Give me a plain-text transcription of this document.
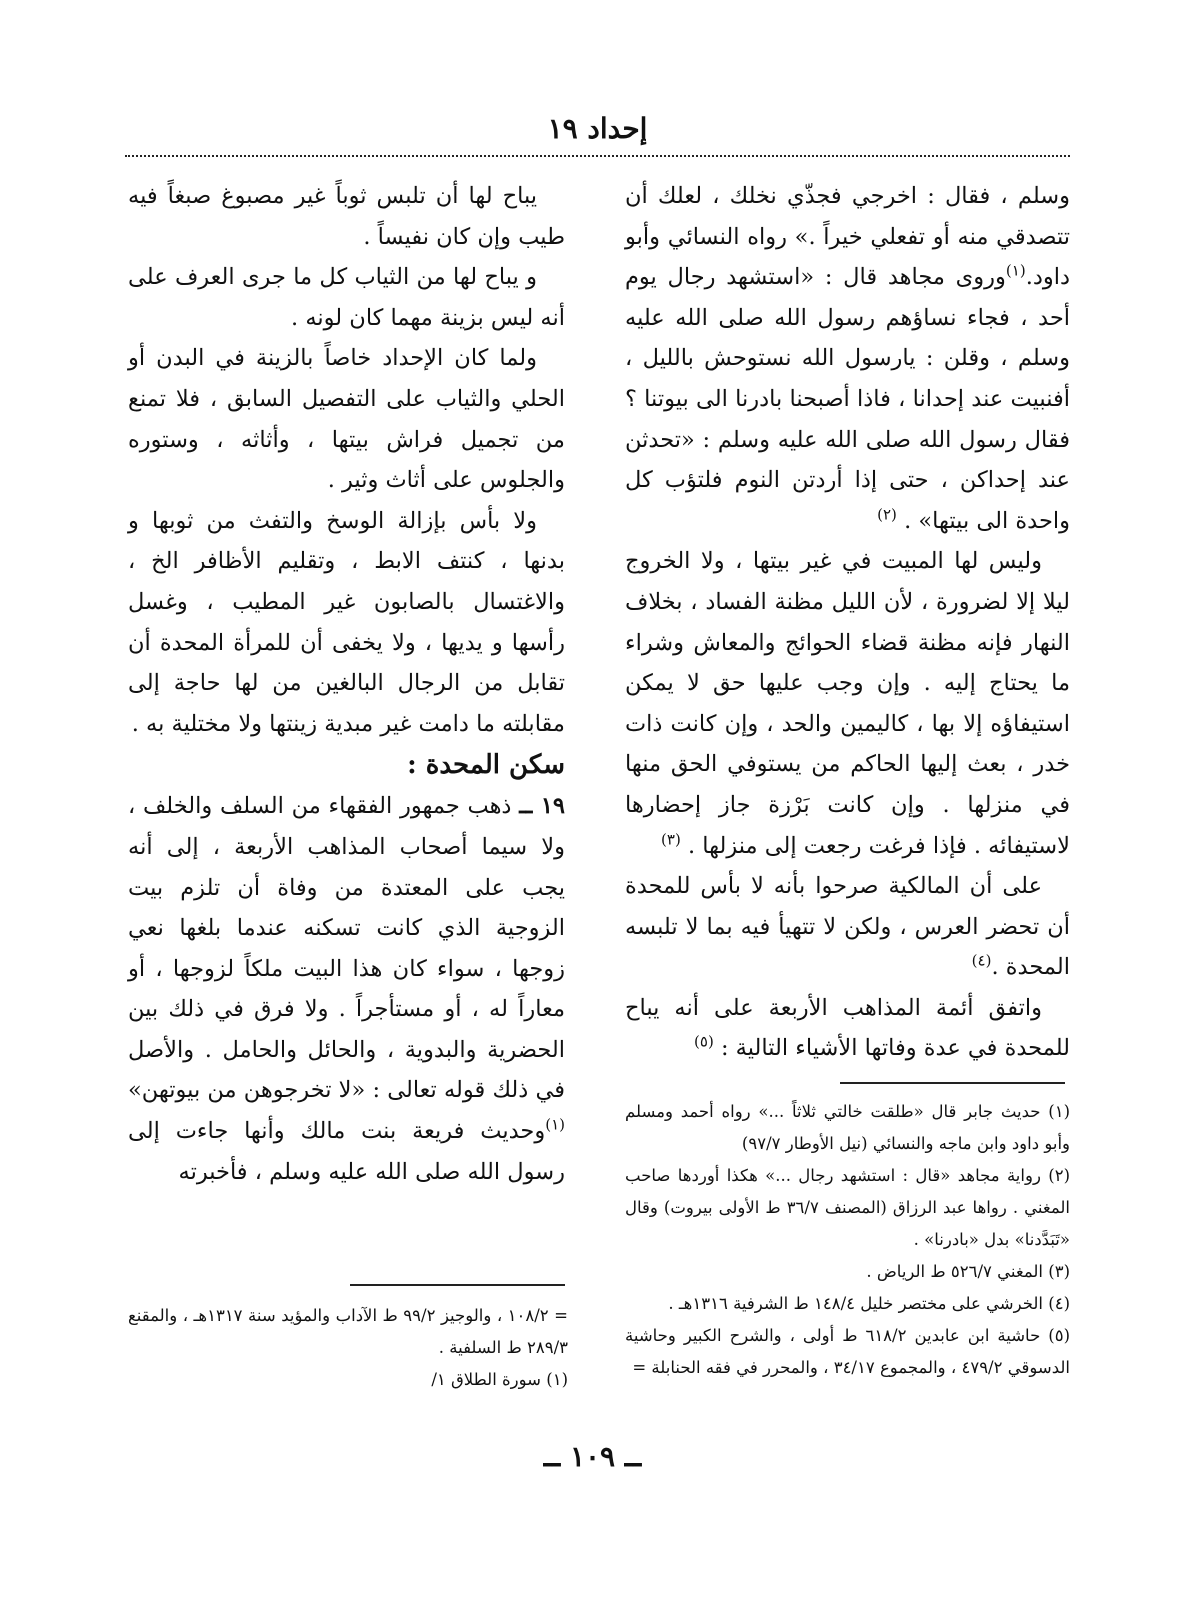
إحداد ١٩

وسلم ، فقال : اخرجي فجذّي نخلك ، لعلك أن تتصدقي منه أو تفعلي خيراً .» رواه النسائي وأبو داود.$^{(١)}$وروى مجاهد قال : «استشهد رجال يوم أحد ، فجاء نساؤهم رسول الله صلى الله عليه وسلم ، وقلن : يارسول الله نستوحش بالليل ، أفنبيت عند إحدانا ، فاذا أصبحنا بادرنا الى بيوتنا ؟ فقال رسول الله صلى الله عليه وسلم : «تحدثن عند إحداكن ، حتى إذا أردتن النوم فلتؤب كل واحدة الى بيتها» . $^{(٢)}$

وليس لها المبيت في غير بيتها ، ولا الخروج ليلا إلا لضرورة ، لأن الليل مظنة الفساد ، بخلاف النهار فإنه مظنة قضاء الحوائج والمعاش وشراء ما يحتاج إليه . وإن وجب عليها حق لا يمكن استيفاؤه إلا بها ، كاليمين والحد ، وإن كانت ذات خدر ، بعث إليها الحاكم من يستوفي الحق منها في منزلها . وإن كانت بَرْزة جاز إحضارها لاستيفائه . فإذا فرغت رجعت إلى منزلها . $^{(٣)}$

على أن المالكية صرحوا بأنه لا بأس للمحدة أن تحضر العرس ، ولكن لا تتهيأ فيه بما لا تلبسه المحدة .$^{(٤)}$

واتفق أئمة المذاهب الأربعة على أنه يباح للمحدة في عدة وفاتها الأشياء التالية : $^{(٥)}$

يباح لها أن تلبس ثوباً غير مصبوغ صبغاً فيه طيب وإن كان نفيساً .

و يباح لها من الثياب كل ما جرى العرف على أنه ليس بزينة مهما كان لونه .

ولما كان الإحداد خاصاً بالزينة في البدن أو الحلي والثياب على التفصيل السابق ، فلا تمنع من تجميل فراش بيتها ، وأثاثه ، وستوره والجلوس على أثاث وثير .

ولا بأس بإزالة الوسخ والتفث من ثوبها و بدنها ، كنتف الابط ، وتقليم الأظافر الخ ، والاغتسال بالصابون غير المطيب ، وغسل رأسها و يديها ، ولا يخفى أن للمرأة المحدة أن تقابل من الرجال البالغين من لها حاجة إلى مقابلته ما دامت غير مبدية زينتها ولا مختلية به .

سكن المحدة :

١٩ ــ ذهب جمهور الفقهاء من السلف والخلف ، ولا سيما أصحاب المذاهب الأربعة ، إلى أنه يجب على المعتدة من وفاة أن تلزم بيت الزوجية الذي كانت تسكنه عندما بلغها نعي زوجها ، سواء كان هذا البيت ملكاً لزوجها ، أو معاراً له ، أو مستأجراً . ولا فرق في ذلك بين الحضرية والبدوية ، والحائل والحامل . والأصل في ذلك قوله تعالى : «لا تخرجوهن من بيوتهن» $^{(١)}$وحديث فريعة بنت مالك وأنها جاءت إلى رسول الله صلى الله عليه وسلم ، فأخبرته

(١) حديث جابر قال «طلقت خالتي ثلاثاً ...» رواه أحمد ومسلم وأبو داود وابن ماجه والنسائي (نيل الأوطار ٩٧/٧)

(٢) رواية مجاهد «قال : استشهد رجال ...» هكذا أوردها صاحب المغني . رواها عبد الرزاق (المصنف ٣٦/٧ ط الأولى بيروت) وقال «تَبَدَّدنا» بدل «بادرنا» .

(٣) المغني ٥٢٦/٧ ط الرياض .

(٤) الخرشي على مختصر خليل ١٤٨/٤ ط الشرفية ١٣١٦هـ .

(٥) حاشية ابن عابدين ٦١٨/٢ ط أولى ، والشرح الكبير وحاشية الدسوقي ٤٧٩/٢ ، والمجموع ٣٤/١٧ ، والمحرر في فقه الحنابلة =

= ١٠٨/٢ ، والوجيز ٩٩/٢ ط الآداب والمؤيد سنة ١٣١٧هـ ، والمقنع ٢٨٩/٣ ط السلفية .

(١) سورة الطلاق ١/

ــ ١٠٩ ــ
